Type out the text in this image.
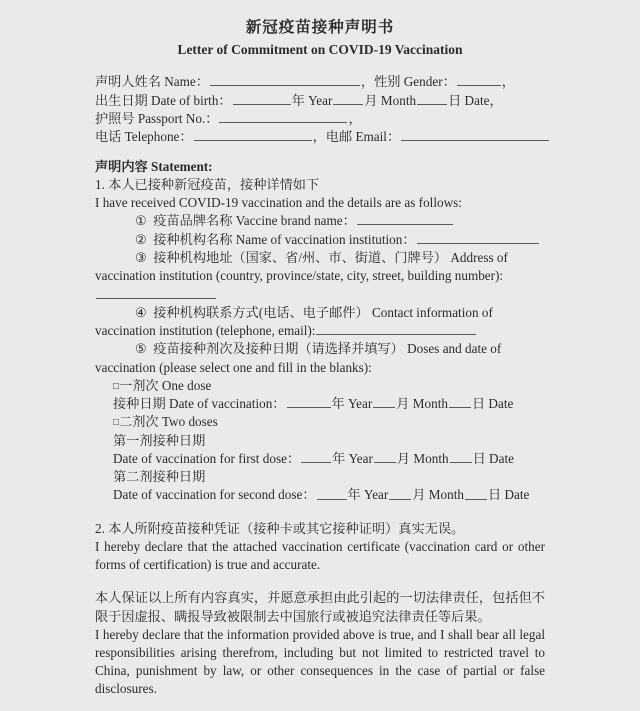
新冠疫苗接种声明书
Letter of Commitment on COVID-19 Vaccination
声明人姓名 Name：	，性别 Gender：	，
出生日期 Date of birth：	年 Year 月 Month 日 Date，
护照号 Passport No.：	，
电话 Telephone：	，电邮 Email：
声明内容 Statement:
1. 本人已接种新冠疫苗，接种详情如下
I have received COVID-19 vaccination and the details are as follows:
① 疫苗品牌名称 Vaccine brand name：
② 接种机构名称 Name of vaccination institution：
③ 接种机构地址（国家、省/州、市、街道、门牌号） Address of
vaccination institution (country, province/state, city, street, building number):
④ 接种机构联系方式(电话、电子邮件） Contact information of
vaccination institution (telephone, email):
⑤ 疫苗接种剂次及接种日期（请选择并填写） Doses and date of
vaccination (please select one and fill in the blanks):
□一剂次 One dose
接种日期 Date of vaccination：	年 Year 月 Month 日 Date
□二剂次 Two doses
第一剂接种日期
Date of vaccination for first dose： 年 Year 月 Month 日 Date
第二剂接种日期
Date of vaccination for second dose： 年 Year 月 Month 日 Date
2. 本人所附疫苗接种凭证（接种卡或其它接种证明）真实无误。
I hereby declare that the attached vaccination certificate (vaccination card or other forms of certification) is true and accurate.
本人保证以上所有内容真实，并愿意承担由此引起的一切法律责任，包括但不限于因虚报、瞒报导致被限制去中国旅行或被追究法律责任等后果。
I hereby declare that the information provided above is true, and I shall bear all legal responsibilities arising therefrom, including but not limited to restricted travel to China, punishment by law, or other consequences in the case of partial or false disclosures.
